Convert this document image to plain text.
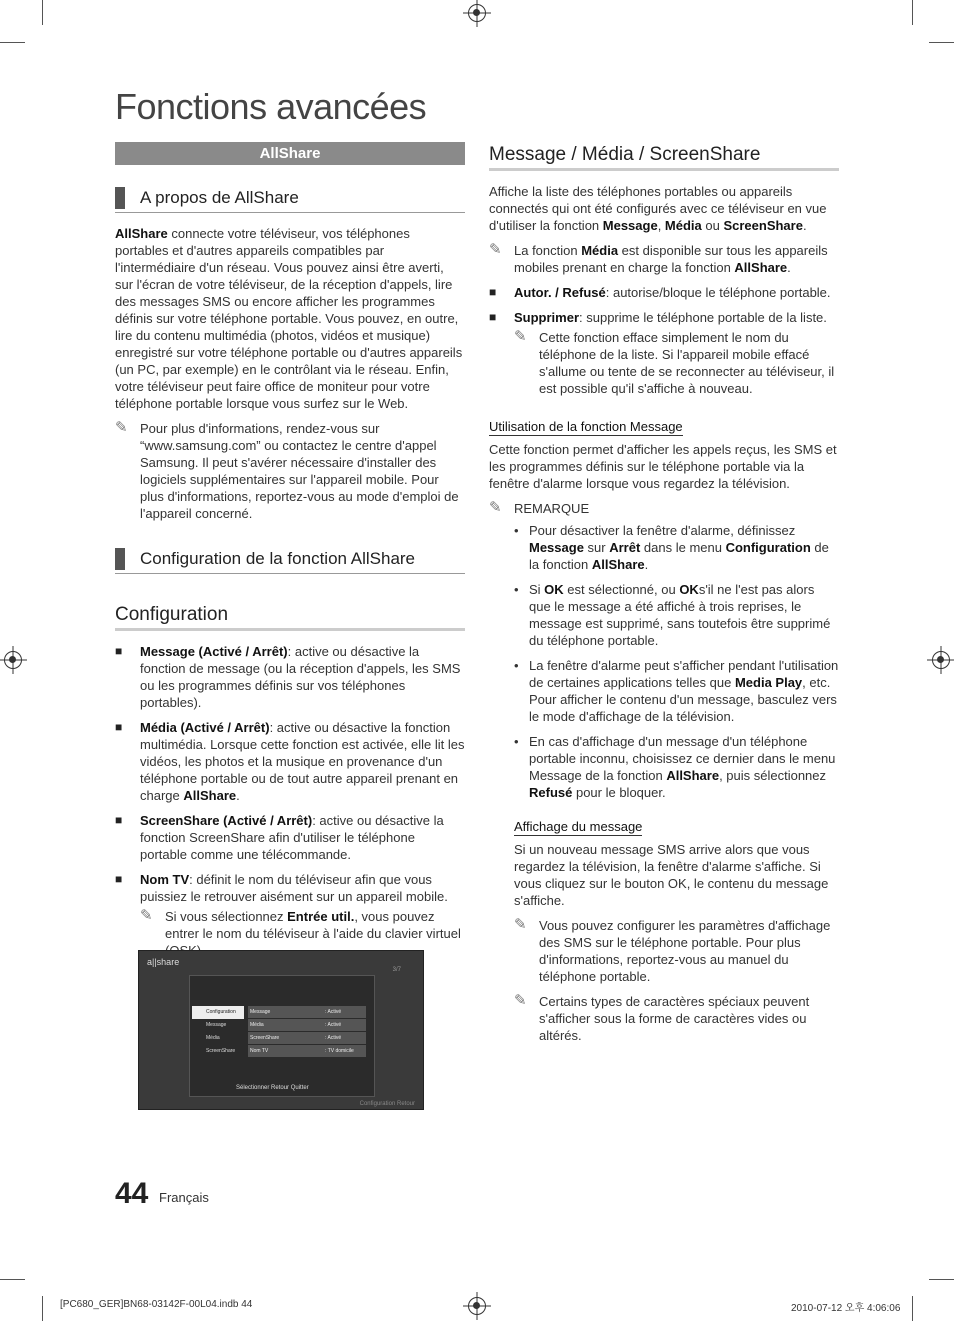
Fonctions avancées
AllShare
A propos de AllShare

AllShare connecte votre téléviseur, vos téléphones portables et d'autres appareils compatibles par l'intermédiaire d'un réseau. Vous pouvez ainsi être averti, sur l'écran de votre téléviseur, de la réception d'appels, lire des messages SMS ou encore afficher les programmes définis sur votre téléphone portable. Vous pouvez, en outre, lire du contenu multimédia (photos, vidéos et musique) enregistré sur votre téléphone portable ou d'autres appareils (un PC, par exemple) en le contrôlant via le réseau. Enfin, votre téléviseur peut faire office de moniteur pour votre téléphone portable lorsque vous surfez sur le Web.

✎ Pour plus d'informations, rendez-vous sur “www.samsung.com” ou contactez le centre d'appel Samsung. Il peut s'avérer nécessaire d'installer des logiciels supplémentaires sur l'appareil mobile. Pour plus d'informations, reportez-vous au mode d'emploi de l'appareil concerné.
Configuration de la fonction AllShare
Configuration
■	Message (Activé / Arrêt): active ou désactive la fonction de message (ou la réception d'appels, les SMS ou les programmes définis sur vos téléphones portables).
■	Média (Activé / Arrêt): active ou désactive la fonction multimédia. Lorsque cette fonction est activée, elle lit les vidéos, les photos et la musique en provenance d'un téléphone portable ou de tout autre appareil prenant en charge AllShare.
■	ScreenShare (Activé / Arrêt): active ou désactive la fonction ScreenShare afin d'utiliser le téléphone portable comme une télécommande.
■	Nom TV: définit le nom du téléviseur afin que vous puissiez le retrouver aisément sur un appareil mobile.
✎ Si vous sélectionnez Entrée util., vous pouvez entrer le nom du téléviseur à l'aide du clavier virtuel
a||share
3/7
Configuration
Message
Média
ScreenShare
Message	: Activé
Média	: Activé
ScreenShare	: Activé
Nom TV	: TV domicile
Sélectionner Retour Quitter
Configuration Retour
Message / Média / ScreenShare

Affiche la liste des téléphones portables ou appareils connectés qui ont été configurés avec ce téléviseur en vue d'utiliser la fonction Message, Média ou ScreenShare.

✎ La fonction Média est disponible sur tous les appareils mobiles prenant en charge la fonction AllShare.
■	Autor. / Refusé: autorise/bloque le téléphone portable.
■	Supprimer: supprime le téléphone portable de la liste.
✎ Cette fonction efface simplement le nom du téléphone de la liste. Si l'appareil mobile effacé s'allume ou tente de se reconnecter au téléviseur, il est possible qu'il s'affiche à nouveau.
Utilisation de la fonction Message

Cette fonction permet d'afficher les appels reçus, les SMS et les programmes définis sur le téléphone portable via la fenêtre d'alarme lorsque vous regardez la télévision.

✎ REMARQUE
• Pour désactiver la fenêtre d'alarme, définissez Message sur Arrêt dans le menu Configuration de la fonction AllShare.
• Si OK est sélectionné, ou OKs'il ne l'est pas alors que le message a été affiché à trois reprises, le message est supprimé, sans toutefois être supprimé du téléphone portable.
• La fenêtre d'alarme peut s'afficher pendant l'utilisation de certaines applications telles que Media Play, etc. Pour afficher le contenu d'un message, basculez vers le mode d'affichage de la télévision.
• En cas d'affichage d'un message d'un téléphone portable inconnu, choisissez ce dernier dans le menu Message de la fonction AllShare, puis sélectionnez Refusé pour le bloquer.
Affichage du message

Si un nouveau message SMS arrive alors que vous regardez la télévision, la fenêtre d'alarme s'affiche. Si vous cliquez sur le bouton OK, le contenu du message s'affiche.

✎ Vous pouvez configurer les paramètres d'affichage des SMS sur le téléphone portable. Pour plus d'informations, reportez-vous au manuel du téléphone portable.
✎ Certains types de caractères spéciaux peuvent s'afficher sous la forme de caractères vides ou altérés.
44 Français
[PC680_GER]BN68-03142F-00L04.indb 44	2010-07-12 오후 4:06:06
